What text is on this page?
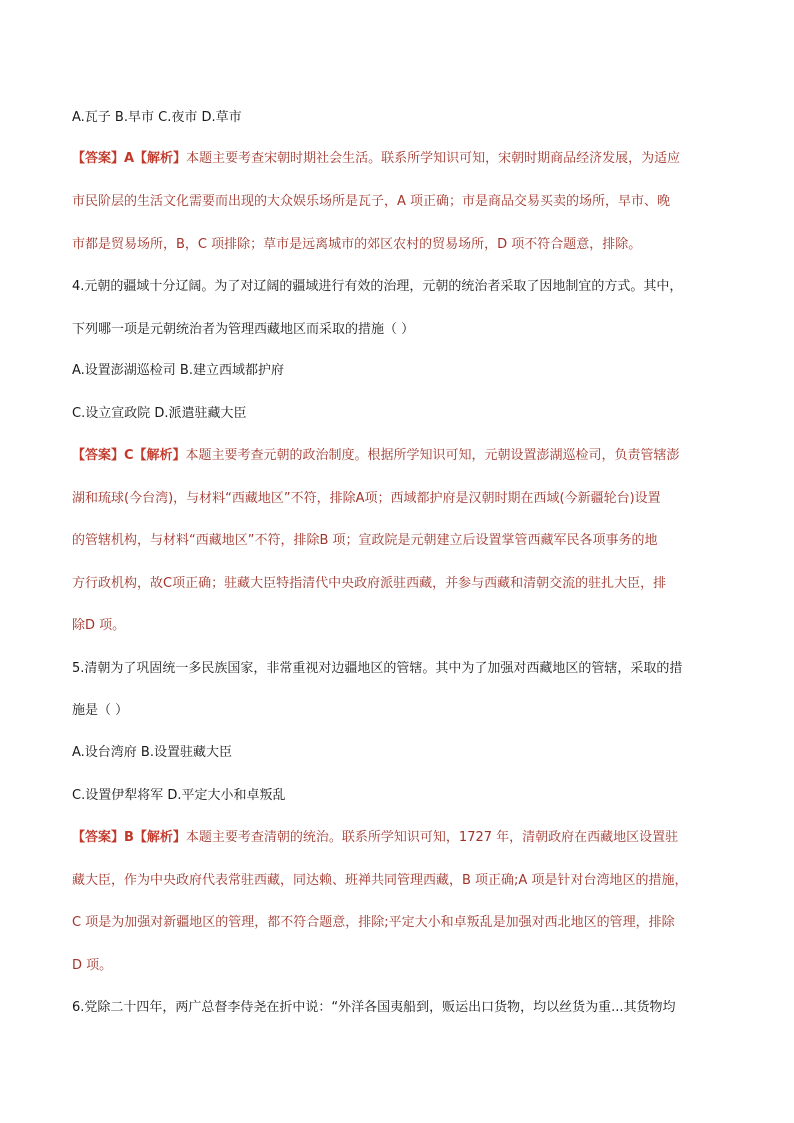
A.瓦子 B.早市 C.夜市 D.草市
【答案】A【解析】本题主要考查宋朝时期社会生活。联系所学知识可知，宋朝时期商品经济发展，为适应
市民阶层的生活文化需要而出现的大众娱乐场所是瓦子，A 项正确；市是商品交易买卖的场所，早市、晚
市都是贸易场所，B，C 项排除；草市是远离城市的郊区农村的贸易场所，D 项不符合题意，排除。
4.元朝的疆域十分辽阔。为了对辽阔的疆域进行有效的治理，元朝的统治者采取了因地制宜的方式。其中，
下列哪一项是元朝统治者为管理西藏地区而采取的措施（ ）
A.设置澎湖巡检司 B.建立西域都护府
C.设立宣政院 D.派遣驻藏大臣
【答案】C【解析】本题主要考查元朝的政治制度。根据所学知识可知，元朝设置澎湖巡检司，负责管辖澎
湖和琉球(今台湾)，与材料“西藏地区”不符，排除A项；西域都护府是汉朝时期在西域(今新疆轮台)设置
的管辖机构，与材料“西藏地区”不符，排除B 项；宣政院是元朝建立后设置掌管西藏军民各项事务的地
方行政机构，故C项正确；驻藏大臣特指清代中央政府派驻西藏，并参与西藏和清朝交流的驻扎大臣，排
除D 项。
5.清朝为了巩固统一多民族国家，非常重视对边疆地区的管辖。其中为了加强对西藏地区的管辖，采取的措
施是（ ）
A.设台湾府 B.设置驻藏大臣
C.设置伊犁将军 D.平定大小和卓叛乱
【答案】B【解析】本题主要考查清朝的统治。联系所学知识可知，1727 年，清朝政府在西藏地区设置驻
藏大臣，作为中央政府代表常驻西藏，同达赖、班禅共同管理西藏，B 项正确;A 项是针对台湾地区的措施，
C 项是为加强对新疆地区的管理，都不符合题意，排除;平定大小和卓叛乱是加强对西北地区的管理，排除
D 项。
6.党除二十四年，两广总督李侍尧在折中说：“外洋各国夷船到，贩运出口货物，均以丝货为重...其货物均
